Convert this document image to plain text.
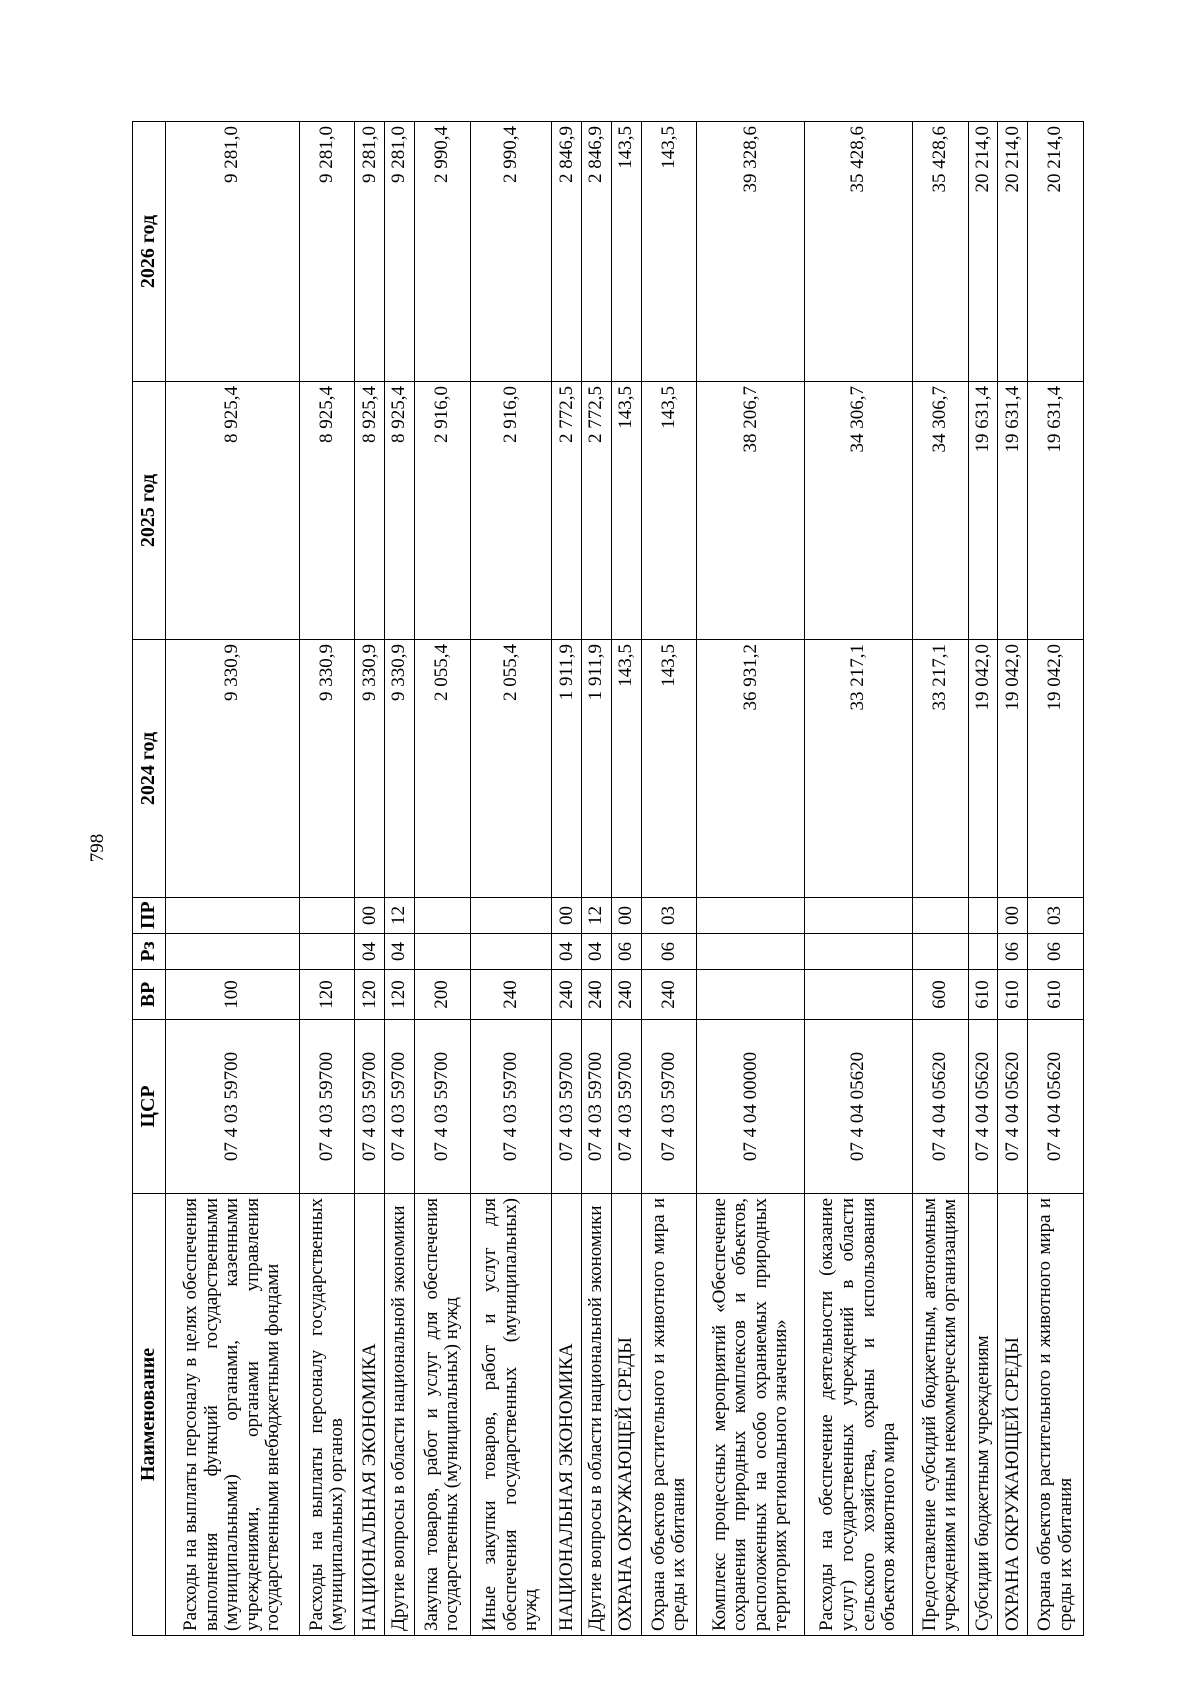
798
Наименование	ЦСР	ВР	Рз	ПР	2024 год	2025 год	2026 год
Расходы на выплаты персоналу в целях обеспечения выполнения функций государственными (муниципальными) органами, казенными учреждениями, органами управления государственными внебюджетными фондами	07 4 03 59700	100			9 330,9	8 925,4	9 281,0
Расходы на выплаты персоналу государственных (муниципальных) органов	07 4 03 59700	120			9 330,9	8 925,4	9 281,0
НАЦИОНАЛЬНАЯ ЭКОНОМИКА	07 4 03 59700	120	04	00	9 330,9	8 925,4	9 281,0
Другие вопросы в области национальной экономики	07 4 03 59700	120	04	12	9 330,9	8 925,4	9 281,0
Закупка товаров, работ и услуг для обеспечения государственных (муниципальных) нужд	07 4 03 59700	200			2 055,4	2 916,0	2 990,4
Иные закупки товаров, работ и услуг для обеспечения государственных (муниципальных) нужд	07 4 03 59700	240			2 055,4	2 916,0	2 990,4
НАЦИОНАЛЬНАЯ ЭКОНОМИКА	07 4 03 59700	240	04	00	1 911,9	2 772,5	2 846,9
Другие вопросы в области национальной экономики	07 4 03 59700	240	04	12	1 911,9	2 772,5	2 846,9
ОХРАНА ОКРУЖАЮЩЕЙ СРЕДЫ	07 4 03 59700	240	06	00	143,5	143,5	143,5
Охрана объектов растительного и животного мира и среды их обитания	07 4 03 59700	240	06	03	143,5	143,5	143,5
Комплекс процессных мероприятий «Обеспечение сохранения природных комплексов и объектов, расположенных на особо охраняемых природных территориях регионального значения»	07 4 04 00000				36 931,2	38 206,7	39 328,6
Расходы на обеспечение деятельности (оказание услуг) государственных учреждений в области сельского хозяйства, охраны и использования объектов животного мира	07 4 04 05620				33 217,1	34 306,7	35 428,6
Предоставление субсидий бюджетным, автономным учреждениям и иным некоммерческим организациям	07 4 04 05620	600			33 217,1	34 306,7	35 428,6
Субсидии бюджетным учреждениям	07 4 04 05620	610			19 042,0	19 631,4	20 214,0
ОХРАНА ОКРУЖАЮЩЕЙ СРЕДЫ	07 4 04 05620	610	06	00	19 042,0	19 631,4	20 214,0
Охрана объектов растительного и животного мира и среды их обитания	07 4 04 05620	610	06	03	19 042,0	19 631,4	20 214,0
